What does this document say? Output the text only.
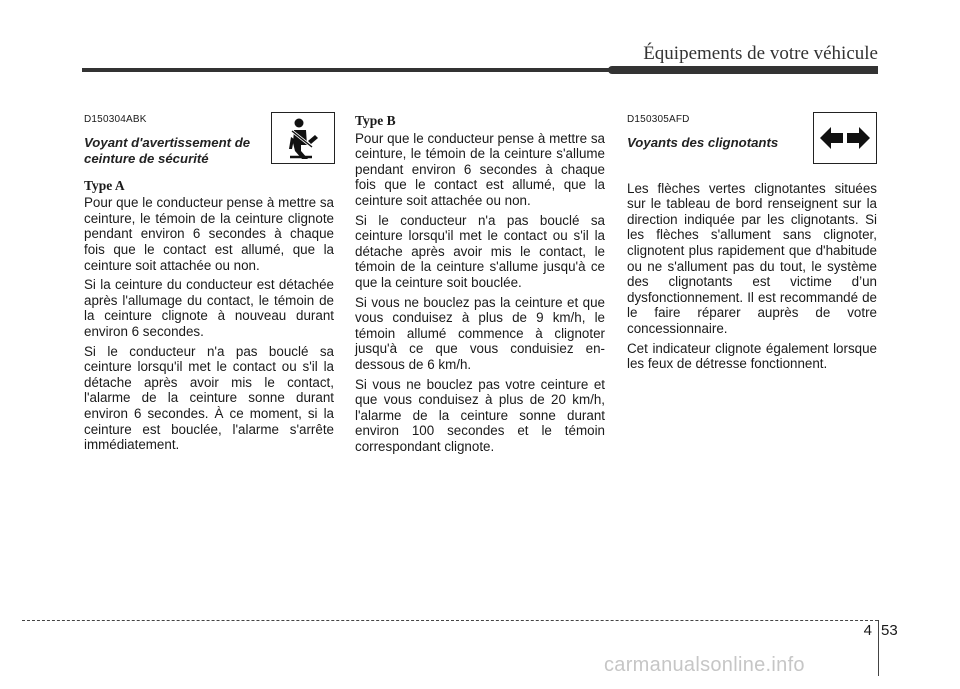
Équipements de votre véhicule
D150304ABK
Voyant d'avertissement de ceinture de sécurité
Type A

Pour que le conducteur pense à mettre sa ceinture, le témoin de la ceinture clignote pendant environ 6 secondes à chaque fois que le contact est allumé, que la ceinture soit attachée ou non.

Si la ceinture du conducteur est détachée après l'allumage du contact, le témoin de la ceinture clignote à nouveau durant environ 6 secondes.

Si le conducteur n'a pas bouclé sa ceinture lorsqu'il met le contact ou s'il la détache après avoir mis le contact, l'alarme de la ceinture sonne durant environ 6 secondes. À ce moment, si la ceinture est bouclée, l'alarme s'arrête immédiatement.

Type B

Pour que le conducteur pense à mettre sa ceinture, le témoin de la ceinture s'allume pendant environ 6 secondes à chaque fois que le contact est allumé, que la ceinture soit attachée ou non.

Si le conducteur n'a pas bouclé sa ceinture lorsqu'il met le contact ou s'il la détache après avoir mis le contact, le témoin de la ceinture s'allume jusqu'à ce que la ceinture soit bouclée.

Si vous ne bouclez pas la ceinture et que vous conduisez à plus de 9 km/h, le témoin allumé commence à clignoter jusqu'à ce que vous conduisiez en-dessous de 6 km/h.

Si vous ne bouclez pas votre ceinture et que vous conduisez à plus de 20 km/h, l'alarme de la ceinture sonne durant environ 100 secondes et le témoin correspondant clignote.

D150305AFD
Voyants des clignotants

Les flèches vertes clignotantes situées sur le tableau de bord renseignent sur la direction indiquée par les clignotants. Si les flèches s'allument sans clignoter, clignotent plus rapidement que d'habitude ou ne s'allument pas du tout, le système des clignotants est victime d’un dysfonctionnement. Il est recommandé de le faire réparer auprès de votre concessionnaire.

Cet indicateur clignote également lorsque les feux de détresse fonctionnent.

4 53
carmanualsonline.info
